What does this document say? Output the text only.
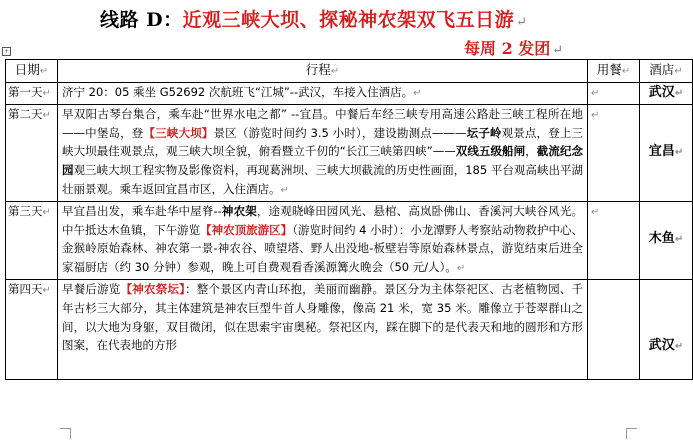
线路 D：近观三峡大坝、探秘神农架双飞五日游 ↵
每周 2 发团 ↵
+
日期↵	行程↵	用餐↵	酒店↵
第一天↵	济宁 20：05 乘坐 G52692 次航班飞“江城”--武汉，车接入住酒店。↵	↵	武汉↵
第二天↵	早双阳古琴台集合，乘车赴“世界水电之都” --宜昌。中餐后车经三峡专用高速公路赴三峡工程所在地——中堡岛，登【三峡大坝】景区（游览时间约 3.5 小时），建设勘测点———坛子岭观景点，登上三峡大坝最佳观景点，观三峡大坝全貌，俯看暨立千仞的“长江三峡第四峡”——双线五级船闸，截流纪念园观三峡大坝工程实物及影像资料，再现葛洲坝、三峡大坝截流的历史性画面，185 平台观高峡出平湖壮丽景观。乘车返回宜昌市区，入住酒店。↵	↵	宜昌↵
第三天↵	早宜昌出发，乘车赴华中屋脊--神农架，途观晓峰田园风光、悬棺、高岚卧佛山、香溪河大峡谷风光。中午抵达木鱼镇，下午游览【神农顶旅游区】（游览时间约 4 小时）：小龙潭野人考察站动物救护中心、金猴岭原始森林、神农第一景-神农谷、喷望塔、野人出没地-板壁岩等原始森林景点，游览结束后进全家福厨店（约 30 分钟）参观，晚上可自费观看香溪源篝火晚会（50 元/人）。↵	↵	木鱼↵
第四天↵	早餐后游览【神农祭坛】：整个景区内青山环抱，美丽而幽静。景区分为主体祭祀区、古老植物园、千年古杉三大部分，其主体建筑是神农巨型牛首人身雕像，像高 21 米，宽 35 米。雕像立于苍翠群山之间，以大地为身躯，双目微闭，似在思索宇宙奥秘。祭祀区内，踩在脚下的是代表天和地的圆形和方形图案，在代表地的方形		武汉↵
